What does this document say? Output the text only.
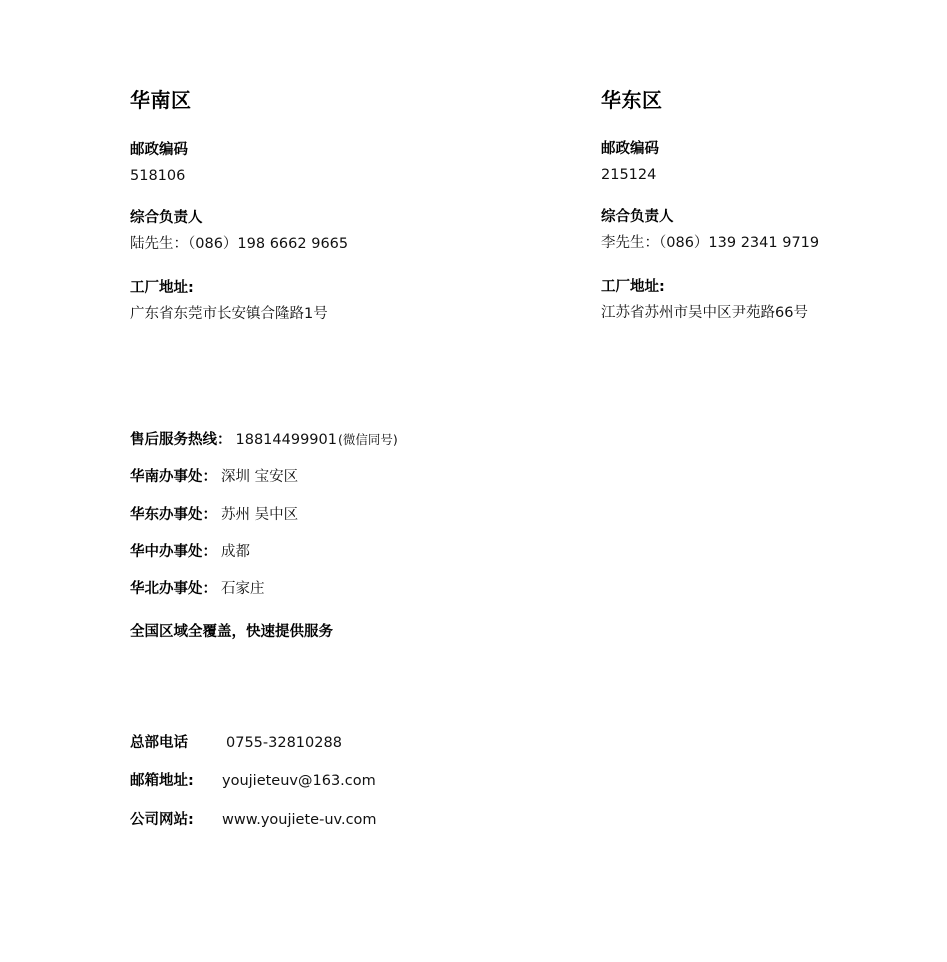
华南区
邮政编码
518106
综合负责人
陆先生：（086）198 6662 9665
工厂地址:
广东省东莞市长安镇合隆路1号
华东区
邮政编码
215124
综合负责人
李先生：（086）139 2341 9719
工厂地址:
江苏省苏州市吴中区尹苑路66号
售后服务热线： 18814499901 (微信同号)
华南办事处： 深圳 宝安区
华东办事处： 苏州 吴中区
华中办事处： 成都
华北办事处： 石家庄
全国区域全覆盖，快速提供服务
总部电话	0755-32810288
邮箱地址:	youjieteuv@163.com
公司网站:	www.youjiete-uv.com
